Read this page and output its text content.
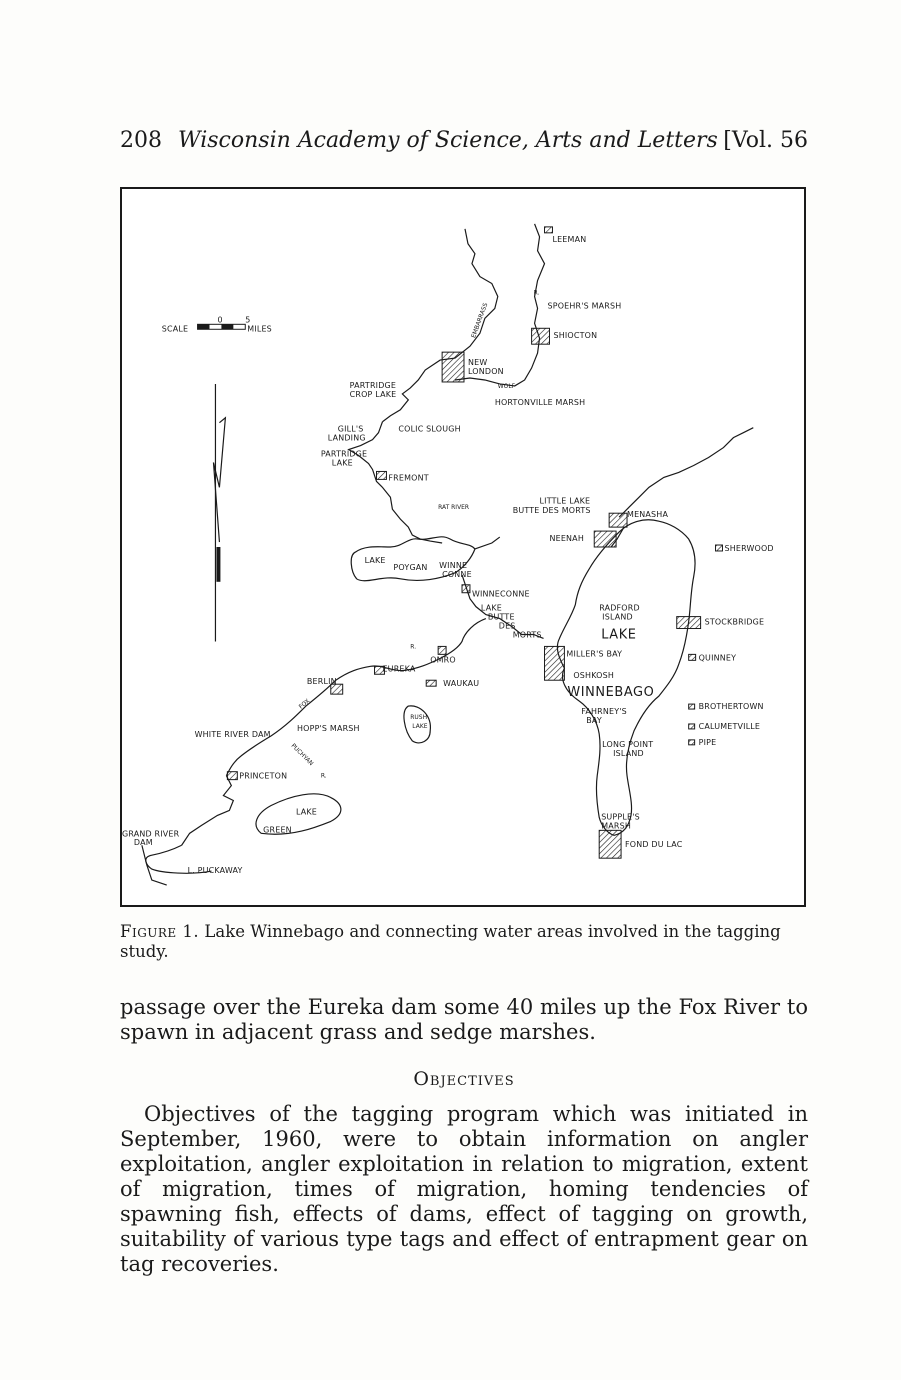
208 Wisconsin Academy of Science, Arts and Letters [Vol. 56
SCALE
0	5
MILES
LEEMAN
SPOEHR'S MARSH
SHIOCTON
NEW
LONDON
WOLF
HORTONVILLE MARSH
PARTRIDGE
CROP LAKE
GILL'S
LANDING
COLIC SLOUGH
PARTRIDGE
LAKE
FREMONT
RAT RIVER
LITTLE LAKE
BUTTE DES MORTS	MENASHA
NEENAH
SHERWOOD
LAKE
POYGAN WINNE
CONNE
WINNECONNE
RADFORD
ISLAND
STOCKBRIDGE
LAKE
BUTTE
DES
MORTS	LAKE
MILLER'S BAY	QUINNEY
OMRO
EUREKA
OSHKOSH
BERLIN	WAUKAU
WINNEBAGO
FAHRNEY'S
BAY
BROTHERTOWN
CALUMETVILLE
PIPE
HOPP'S MARSH
RUSH
LAKE
WHITE RIVER DAM
LONG POINT
ISLAND
PRINCETON
LAKE
GREEN
SUPPLE'S
MARSH
FOND DU LAC
GRAND RIVER
DAM
L. PUCKAWAY
EMBARRASS
FOX
PUCHYAN
R.
R.
R.
Figure 1. Lake Winnebago and connecting water areas involved in the tagging study.
passage over the Eureka dam some 40 miles up the Fox River to spawn in adjacent grass and sedge marshes.
Objectives
Objectives of the tagging program which was initiated in September, 1960, were to obtain information on angler exploitation, angler exploitation in relation to migration, extent of migration, times of migration, homing tendencies of spawning fish, effects of dams, effect of tagging on growth, suitability of various type tags and effect of entrapment gear on tag recoveries.
